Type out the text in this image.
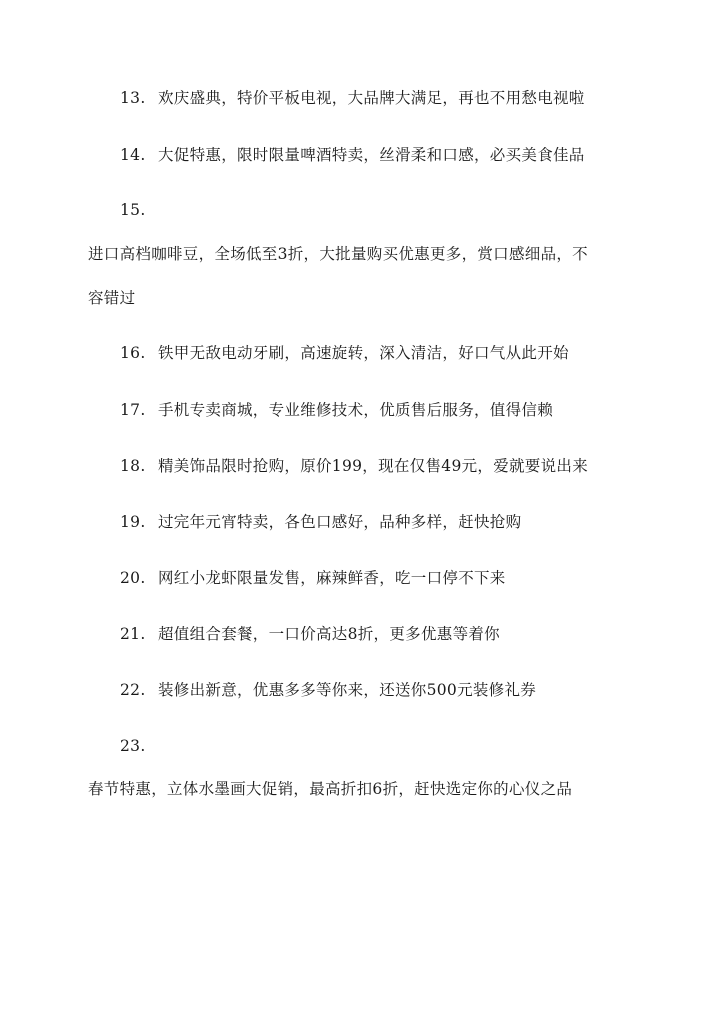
13. 欢庆盛典，特价平板电视，大品牌大满足，再也不用愁电视啦
14. 大促特惠，限时限量啤酒特卖，丝滑柔和口感，必买美食佳品
15.
进口高档咖啡豆，全场低至3折，大批量购买优惠更多，赏口感细品，不
容错过
16. 铁甲无敌电动牙刷，高速旋转，深入清洁，好口气从此开始
17. 手机专卖商城，专业维修技术，优质售后服务，值得信赖
18. 精美饰品限时抢购，原价199，现在仅售49元，爱就要说出来
19. 过完年元宵特卖，各色口感好，品种多样，赶快抢购
20. 网红小龙虾限量发售，麻辣鲜香，吃一口停不下来
21. 超值组合套餐，一口价高达8折，更多优惠等着你
22. 装修出新意，优惠多多等你来，还送你500元装修礼券
23.
春节特惠，立体水墨画大促销，最高折扣6折，赶快选定你的心仪之品
